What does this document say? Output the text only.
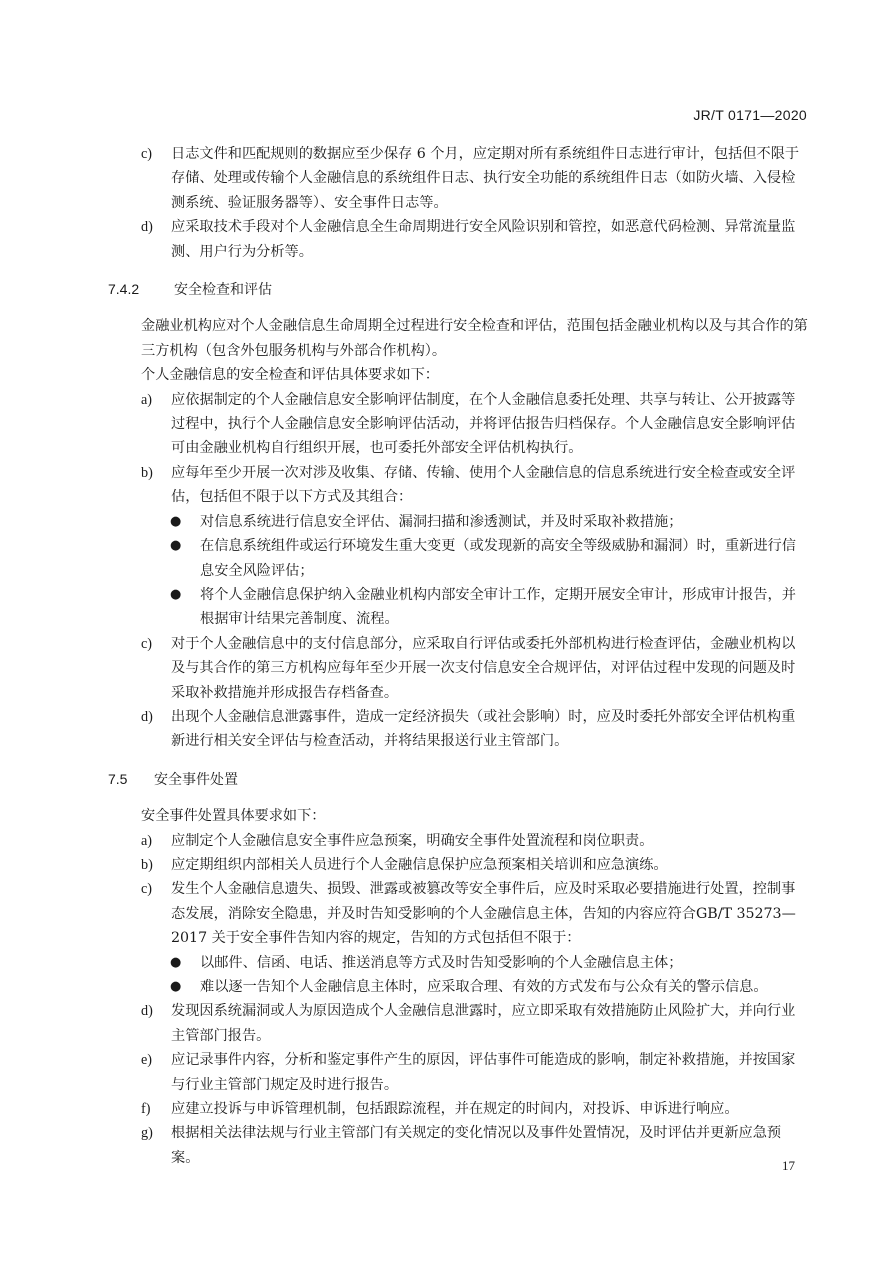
JR/T 0171—2020
c) 日志文件和匹配规则的数据应至少保存 6 个月，应定期对所有系统组件日志进行审计，包括但不限于存储、处理或传输个人金融信息的系统组件日志、执行安全功能的系统组件日志（如防火墙、入侵检测系统、验证服务器等）、安全事件日志等。
d) 应采取技术手段对个人金融信息全生命周期进行安全风险识别和管控，如恶意代码检测、异常流量监测、用户行为分析等。
7.4.2 安全检查和评估
金融业机构应对个人金融信息生命周期全过程进行安全检查和评估，范围包括金融业机构以及与其合作的第三方机构（包含外包服务机构与外部合作机构）。
个人金融信息的安全检查和评估具体要求如下：
a) 应依据制定的个人金融信息安全影响评估制度，在个人金融信息委托处理、共享与转让、公开披露等过程中，执行个人金融信息安全影响评估活动，并将评估报告归档保存。个人金融信息安全影响评估可由金融业机构自行组织开展，也可委托外部安全评估机构执行。
b) 应每年至少开展一次对涉及收集、存储、传输、使用个人金融信息的信息系统进行安全检查或安全评估，包括但不限于以下方式及其组合：
● 对信息系统进行信息安全评估、漏洞扫描和渗透测试，并及时采取补救措施；
● 在信息系统组件或运行环境发生重大变更（或发现新的高安全等级威胁和漏洞）时，重新进行信息安全风险评估；
● 将个人金融信息保护纳入金融业机构内部安全审计工作，定期开展安全审计，形成审计报告，并根据审计结果完善制度、流程。
c) 对于个人金融信息中的支付信息部分，应采取自行评估或委托外部机构进行检查评估，金融业机构以及与其合作的第三方机构应每年至少开展一次支付信息安全合规评估，对评估过程中发现的问题及时采取补救措施并形成报告存档备查。
d) 出现个人金融信息泄露事件，造成一定经济损失（或社会影响）时，应及时委托外部安全评估机构重新进行相关安全评估与检查活动，并将结果报送行业主管部门。
7.5 安全事件处置
安全事件处置具体要求如下：
a) 应制定个人金融信息安全事件应急预案，明确安全事件处置流程和岗位职责。
b) 应定期组织内部相关人员进行个人金融信息保护应急预案相关培训和应急演练。
c) 发生个人金融信息遗失、损毁、泄露或被篡改等安全事件后，应及时采取必要措施进行处置，控制事态发展，消除安全隐患，并及时告知受影响的个人金融信息主体，告知的内容应符合GB/T 35273—2017 关于安全事件告知内容的规定，告知的方式包括但不限于：
● 以邮件、信函、电话、推送消息等方式及时告知受影响的个人金融信息主体；
● 难以逐一告知个人金融信息主体时，应采取合理、有效的方式发布与公众有关的警示信息。
d) 发现因系统漏洞或人为原因造成个人金融信息泄露时，应立即采取有效措施防止风险扩大，并向行业主管部门报告。
e) 应记录事件内容，分析和鉴定事件产生的原因，评估事件可能造成的影响，制定补救措施，并按国家与行业主管部门规定及时进行报告。
f) 应建立投诉与申诉管理机制，包括跟踪流程，并在规定的时间内，对投诉、申诉进行响应。
g) 根据相关法律法规与行业主管部门有关规定的变化情况以及事件处置情况，及时评估并更新应急预案。	17
